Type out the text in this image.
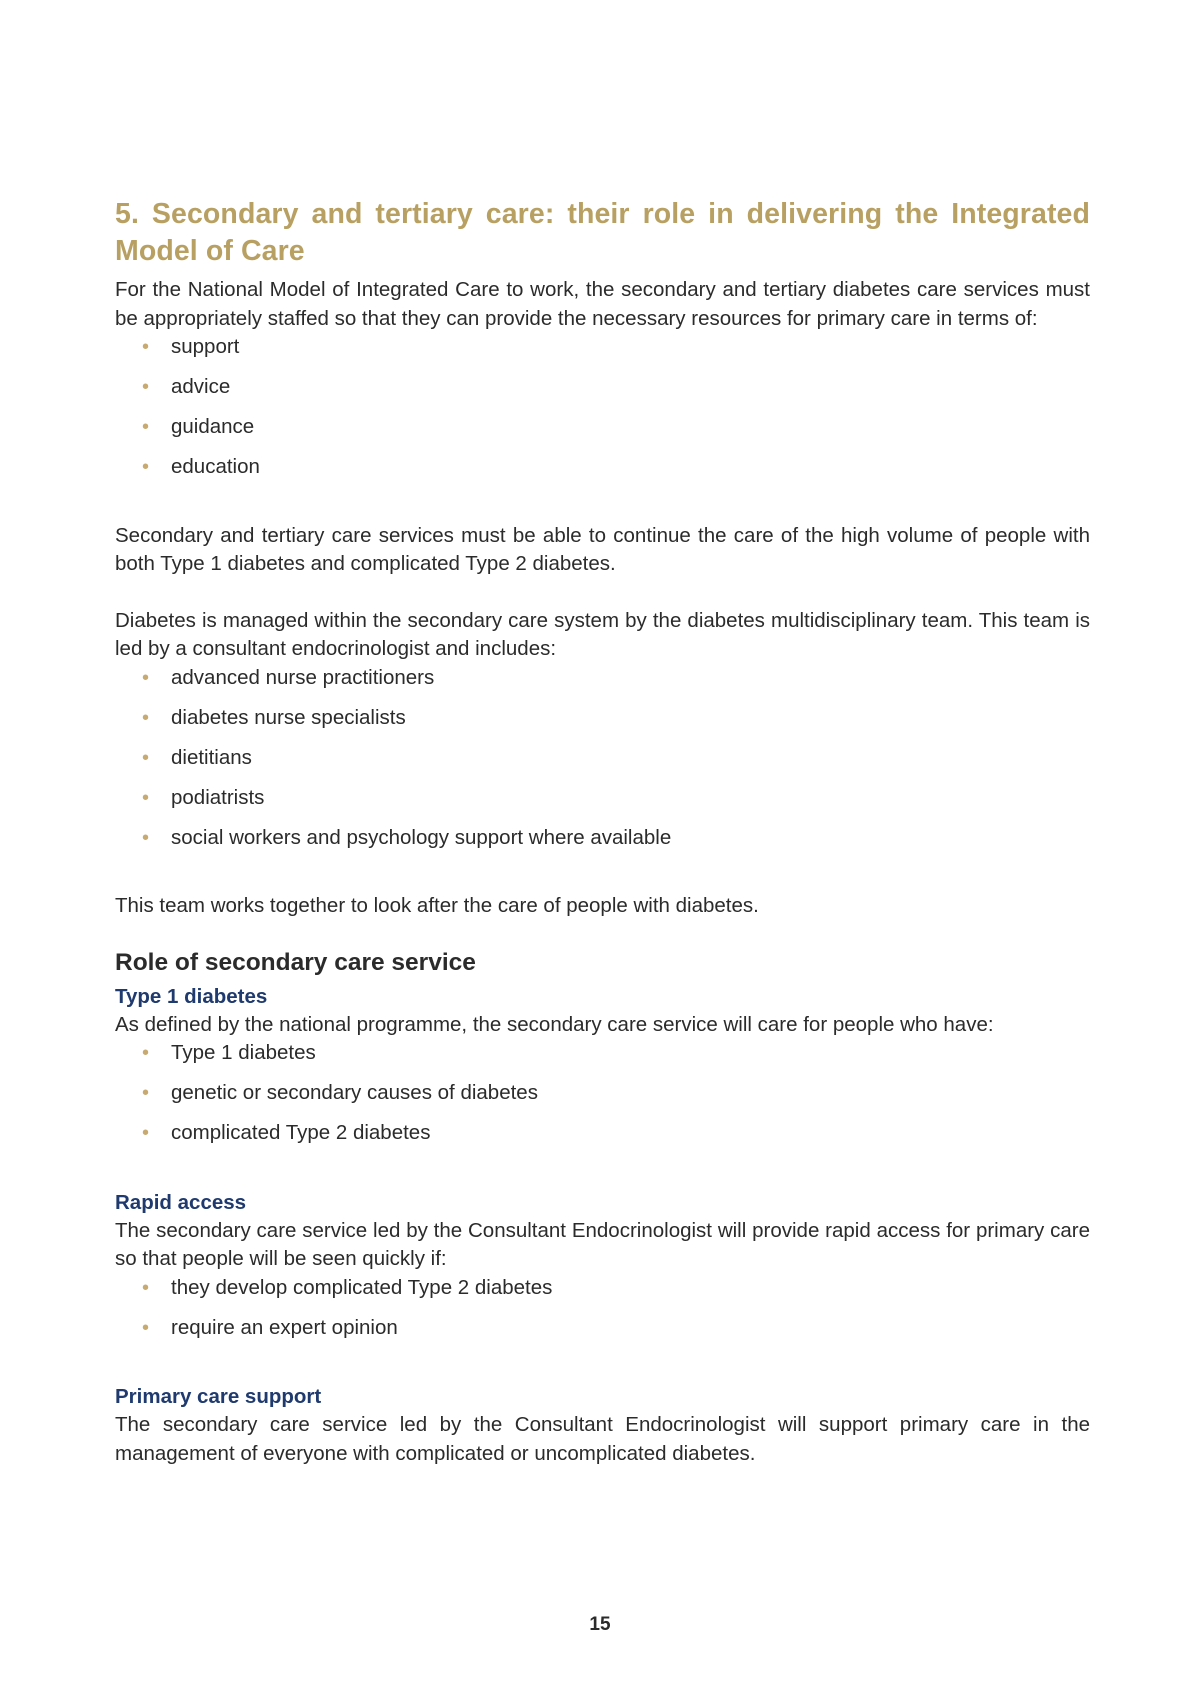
5. Secondary and tertiary care: their role in delivering the Integrated Model of Care

For the National Model of Integrated Care to work, the secondary and tertiary diabetes care services must be appropriately staffed so that they can provide the necessary resources for primary care in terms of:

• support
• advice
• guidance
• education

Secondary and tertiary care services must be able to continue the care of the high volume of people with both Type 1 diabetes and complicated Type 2 diabetes.

Diabetes is managed within the secondary care system by the diabetes multidisciplinary team. This team is led by a consultant endocrinologist and includes:

• advanced nurse practitioners
• diabetes nurse specialists
• dietitians
• podiatrists
• social workers and psychology support where available

This team works together to look after the care of people with diabetes.

Role of secondary care service
Type 1 diabetes

As defined by the national programme, the secondary care service will care for people who have:

• Type 1 diabetes
• genetic or secondary causes of diabetes
• complicated Type 2 diabetes
Rapid access

The secondary care service led by the Consultant Endocrinologist will provide rapid access for primary care so that people will be seen quickly if:

• they develop complicated Type 2 diabetes
• require an expert opinion
Primary care support

The secondary care service led by the Consultant Endocrinologist will support primary care in the management of everyone with complicated or uncomplicated diabetes.

15
